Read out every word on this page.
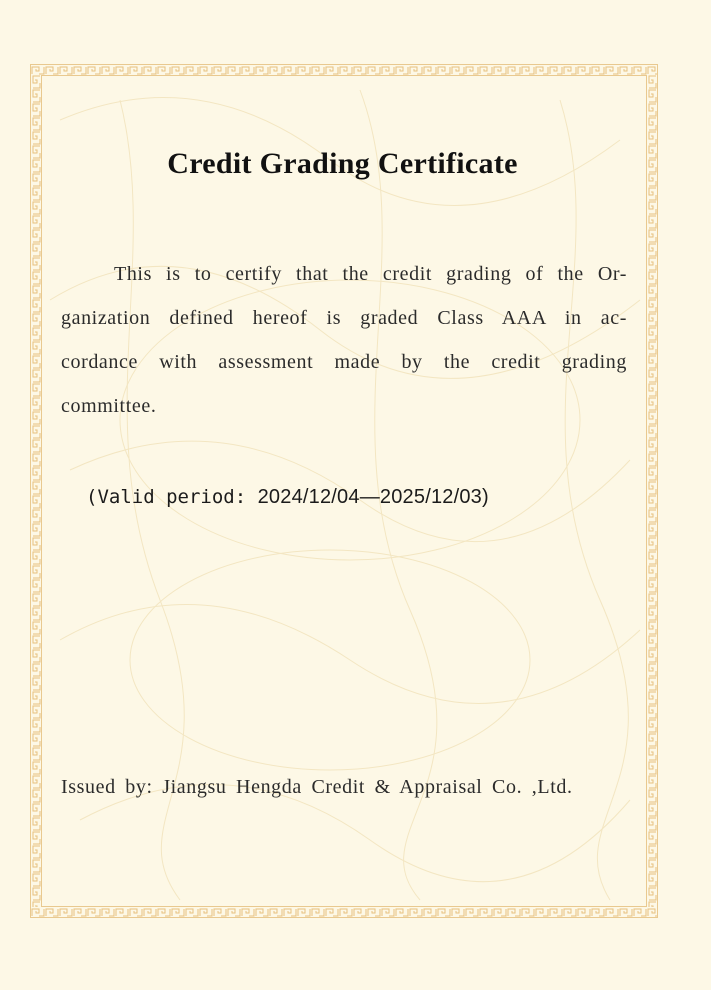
Credit Grading Certificate
This is to certify that the credit grading of the Or-
ganization defined hereof is graded Class AAA in ac-
cordance with assessment made by the credit grading
committee.
(Valid period: 2024/12/04—2025/12/03)
Issued by: Jiangsu Hengda Credit & Appraisal Co. ,Ltd.
